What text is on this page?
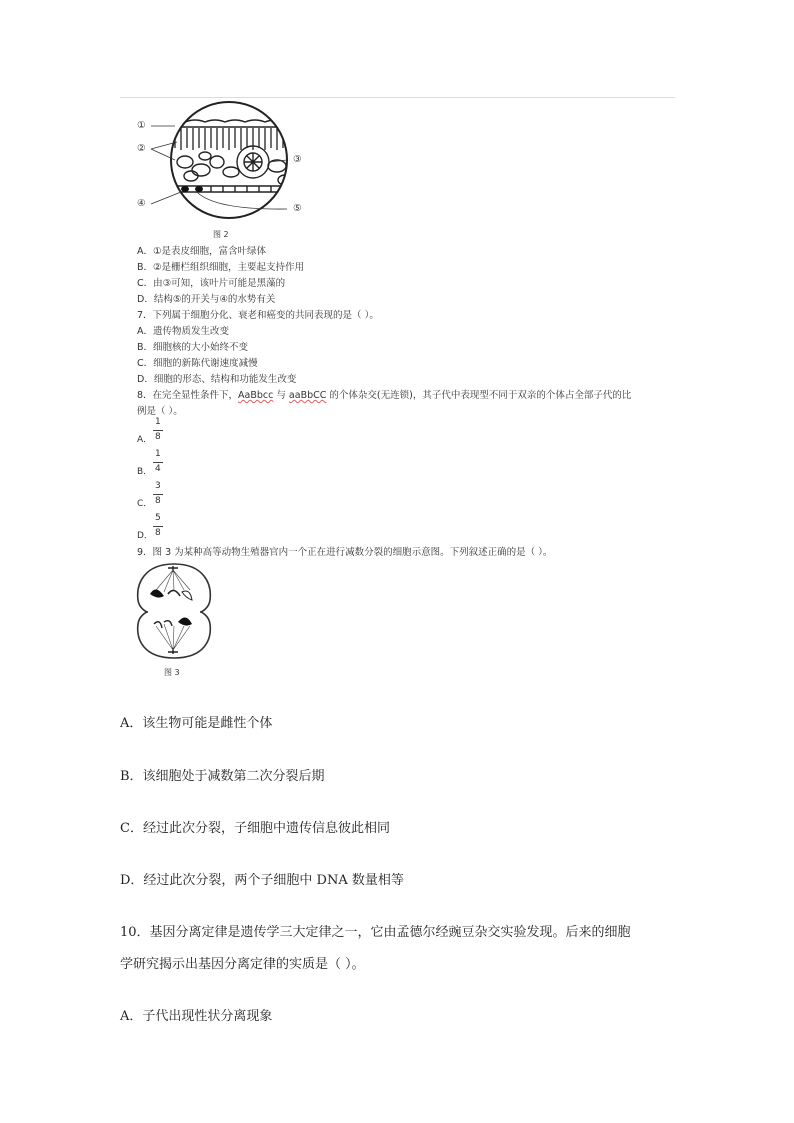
①
②
③
④	⑤
图 2
A．①是表皮细胞，富含叶绿体
B．②是栅栏组织细胞，主要起支持作用
C．由③可知，该叶片可能是黑藻的
D．结构⑤的开关与④的水势有关
7．下列属于细胞分化、衰老和癌变的共同表现的是（ ）。
A．遗传物质发生改变
B．细胞核的大小始终不变
C．细胞的新陈代谢速度减慢
D．细胞的形态、结构和功能发生改变
8．在完全显性条件下，AaBbcc 与 aaBbCC 的个体杂交(无连锁)，其子代中表现型不同于双亲的个体占全部子代的比
例是（ ）。
1
A． 8
1
B． 4
3
C． 8
5
D． 8
9．图 3 为某种高等动物生殖器官内一个正在进行减数分裂的细胞示意图。下列叙述正确的是（ ）。
图 3
A．该生物可能是雌性个体
B．该细胞处于减数第二次分裂后期
C．经过此次分裂，子细胞中遗传信息彼此相同
D．经过此次分裂，两个子细胞中 DNA 数量相等
10．基因分离定律是遗传学三大定律之一，它由孟德尔经豌豆杂交实验发现。后来的细胞
学研究揭示出基因分离定律的实质是（ ）。
A．子代出现性状分离现象
